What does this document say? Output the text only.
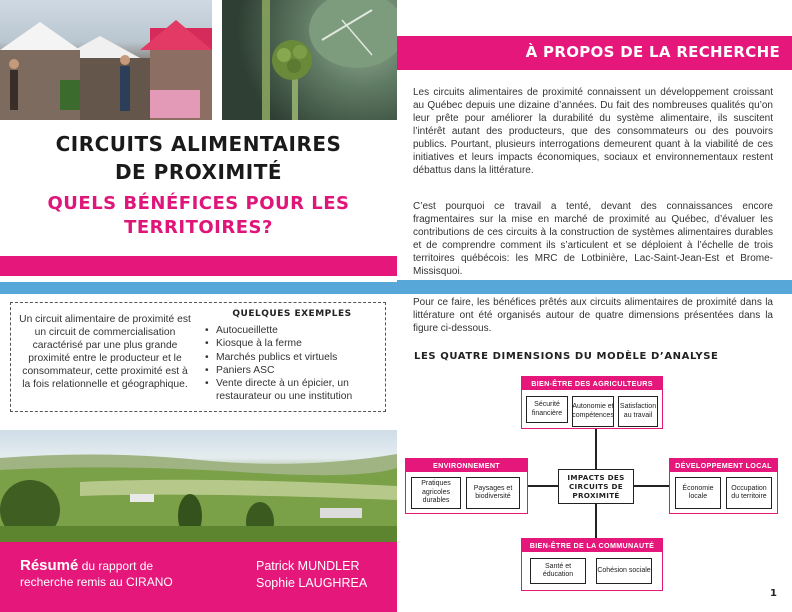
CIRCUITS ALIMENTAIRES
DE PROXIMITÉ
QUELS BÉNÉFICES POUR LES
TERRITOIRES?
Un circuit alimentaire de proximité est un circuit de commercialisation caractérisé par une plus grande proximité entre le producteur et le consommateur, cette proximité est à la fois relationnelle et géographique.
QUELQUES EXEMPLES
• Autocueillette
• Kiosque à la ferme
• Marchés publics et virtuels
• Paniers ASC
• Vente directe à un épicier, un restaurateur ou une institution
Résumé du rapport de
recherche remis au CIRANO
Patrick MUNDLER
Sophie LAUGHREA
À PROPOS DE LA RECHERCHE
Les circuits alimentaires de proximité connaissent un développement croissant au Québec depuis une dizaine d’années. Du fait des nombreuses qualités qu’on leur prête pour améliorer la durabilité du système alimentaire, ils suscitent l’intérêt autant des producteurs, que des consommateurs ou des pouvoirs publics. Pourtant, plusieurs interrogations demeurent quant à la viabilité de ces initiatives et leurs impacts économiques, sociaux et environnementaux restent débattus dans la littérature.
C’est pourquoi ce travail a tenté, devant des connaissances encore fragmentaires sur la mise en marché de proximité au Québec, d’évaluer les contributions de ces circuits à la construction de systèmes alimentaires durables et de comprendre comment ils s’articulent et se déploient à l’échelle de trois territoires québécois: les MRC de Lotbinière, Lac-Saint-Jean-Est et Brome-Missisquoi.
Pour ce faire, les bénéfices prêtés aux circuits alimentaires de proximité dans la littérature ont été organisés autour de quatre dimensions présentées dans la figure ci-dessous.
LES QUATRE DIMENSIONS DU MODÈLE D’ANALYSE
IMPACTS DES CIRCUITS DE PROXIMITÉ
BIEN-ÊTRE DES AGRICULTEURS
Sécurité financière
Autonomie et compétences
Satisfaction au travail
ENVIRONNEMENT
Pratiques agricoles durables
Paysages et biodiversité
DÉVELOPPEMENT LOCAL
Économie locale
Occupation du territoire
BIEN-ÊTRE DE LA COMMUNAUTÉ
Santé et éducation
Cohésion sociale
1
